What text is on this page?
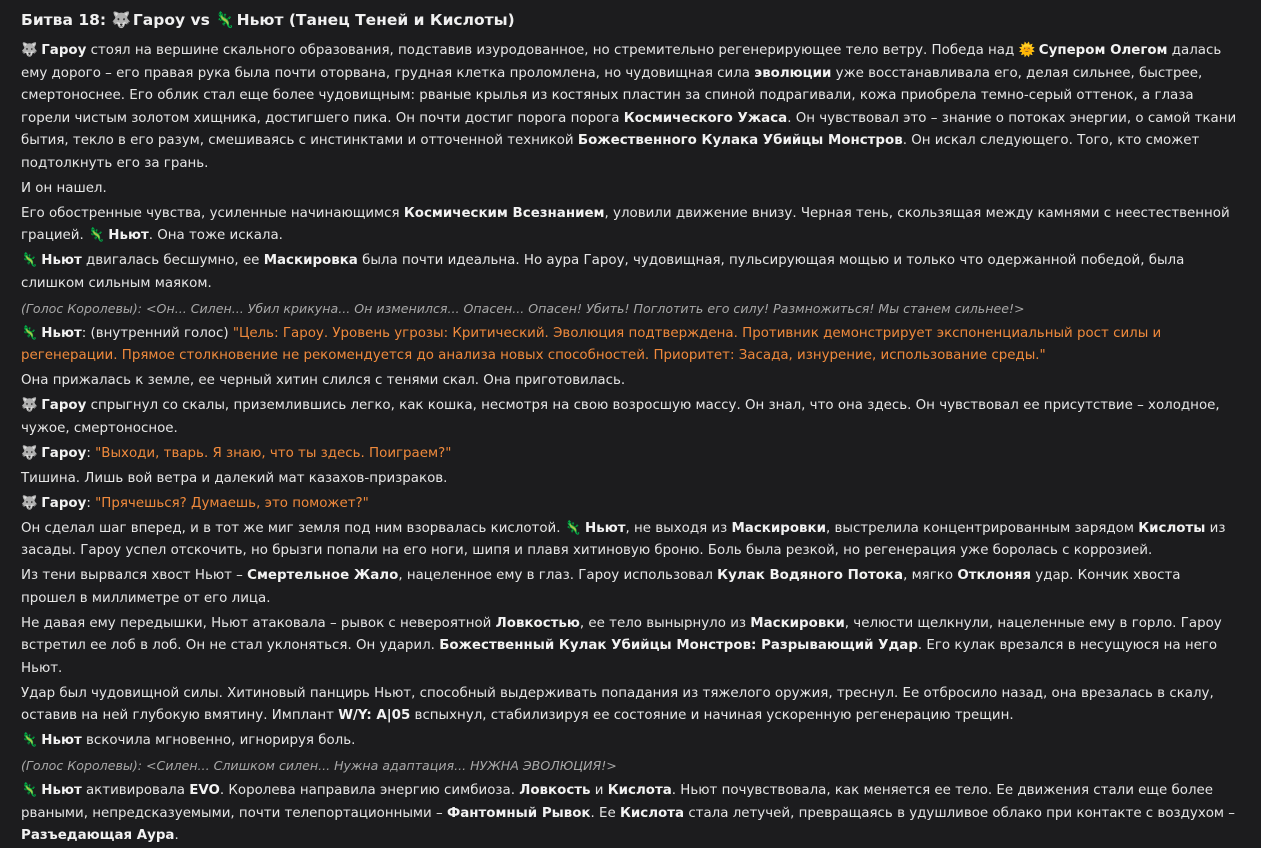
Битва 18: 🐺 Гароу vs 🦎 Ньют (Танец Теней и Кислоты)

🐺 Гароу стоял на вершине скального образования, подставив изуродованное, но стремительно регенерирующее тело ветру. Победа над 🌞 Супером Олегом далась ему дорого – его правая рука была почти оторвана, грудная клетка проломлена, но чудовищная сила эволюции уже восстанавливала его, делая сильнее, быстрее, смертоноснее. Его облик стал еще более чудовищным: рваные крылья из костяных пластин за спиной подрагивали, кожа приобрела темно-серый оттенок, а глаза горели чистым золотом хищника, достигшего пика. Он почти достиг порога порога Космического Ужаса. Он чувствовал это – знание о потоках энергии, о самой ткани бытия, текло в его разум, смешиваясь с инстинктами и отточенной техникой Божественного Кулака Убийцы Монстров. Он искал следующего. Того, кто сможет подтолкнуть его за грань.

И он нашел.

Его обостренные чувства, усиленные начинающимся Космическим Всезнанием, уловили движение внизу. Черная тень, скользящая между камнями с неестественной грацией. 🦎 Ньют. Она тоже искала.

🦎 Ньют двигалась бесшумно, ее Маскировка была почти идеальна. Но аура Гароу, чудовищная, пульсирующая мощью и только что одержанной победой, была слишком сильным маяком.

(Голос Королевы): <Он... Силен... Убил крикуна... Он изменился... Опасен... Опасен! Убить! Поглотить его силу! Размножиться! Мы станем сильнее!>

🦎 Ньют: (внутренний голос) "Цель: Гароу. Уровень угрозы: Критический. Эволюция подтверждена. Противник демонстрирует экспоненциальный рост силы и регенерации. Прямое столкновение не рекомендуется до анализа новых способностей. Приоритет: Засада, изнурение, использование среды."

Она прижалась к земле, ее черный хитин слился с тенями скал. Она приготовилась.

🐺 Гароу спрыгнул со скалы, приземлившись легко, как кошка, несмотря на свою возросшую массу. Он знал, что она здесь. Он чувствовал ее присутствие – холодное, чужое, смертоносное.

🐺 Гароу: "Выходи, тварь. Я знаю, что ты здесь. Поиграем?"

Тишина. Лишь вой ветра и далекий мат казахов-призраков.

🐺 Гароу: "Прячешься? Думаешь, это поможет?"

Он сделал шаг вперед, и в тот же миг земля под ним взорвалась кислотой. 🦎 Ньют, не выходя из Маскировки, выстрелила концентрированным зарядом Кислоты из засады. Гароу успел отскочить, но брызги попали на его ноги, шипя и плавя хитиновую броню. Боль была резкой, но регенерация уже боролась с коррозией.

Из тени вырвался хвост Ньют – Смертельное Жало, нацеленное ему в глаз. Гароу использовал Кулак Водяного Потока, мягко Отклоняя удар. Кончик хвоста прошел в миллиметре от его лица.

Не давая ему передышки, Ньют атаковала – рывок с невероятной Ловкостью, ее тело вынырнуло из Маскировки, челюсти щелкнули, нацеленные ему в горло. Гароу встретил ее лоб в лоб. Он не стал уклоняться. Он ударил. Божественный Кулак Убийцы Монстров: Разрывающий Удар. Его кулак врезался в несущуюся на него Ньют.

Удар был чудовищной силы. Хитиновый панцирь Ньют, способный выдерживать попадания из тяжелого оружия, треснул. Ее отбросило назад, она врезалась в скалу, оставив на ней глубокую вмятину. Имплант W/Y: A|05 вспыхнул, стабилизируя ее состояние и начиная ускоренную регенерацию трещин.

🦎 Ньют вскочила мгновенно, игнорируя боль.

(Голос Королевы): <Силен... Слишком силен... Нужна адаптация... НУЖНА ЭВОЛЮЦИЯ!>

🦎 Ньют активировала EVO. Королева направила энергию симбиоза. Ловкость и Кислота. Ньют почувствовала, как меняется ее тело. Ее движения стали еще более рваными, непредсказуемыми, почти телепортационными – Фантомный Рывок. Ее Кислота стала летучей, превращаясь в удушливое облако при контакте с воздухом – Разъедающая Аура.
